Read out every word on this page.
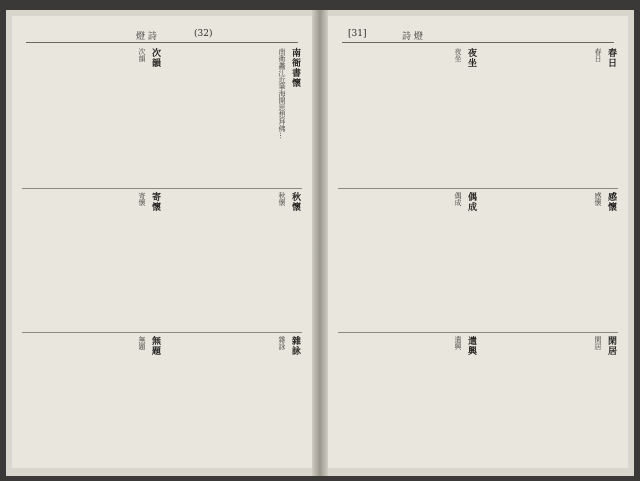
燈 詩	(32)
南衙書懷
南衛蠡江近筆海開思想拜佛…
次韻
次韻
秋懷
秋懷
寄懷
寄懷
雜詠
雜詠
無題
無題
[31]	詩 燈
春日
春日
夜坐
夜坐
感懷
感懷
偶成
偶成
閑居
閑居
遣興
遣興
